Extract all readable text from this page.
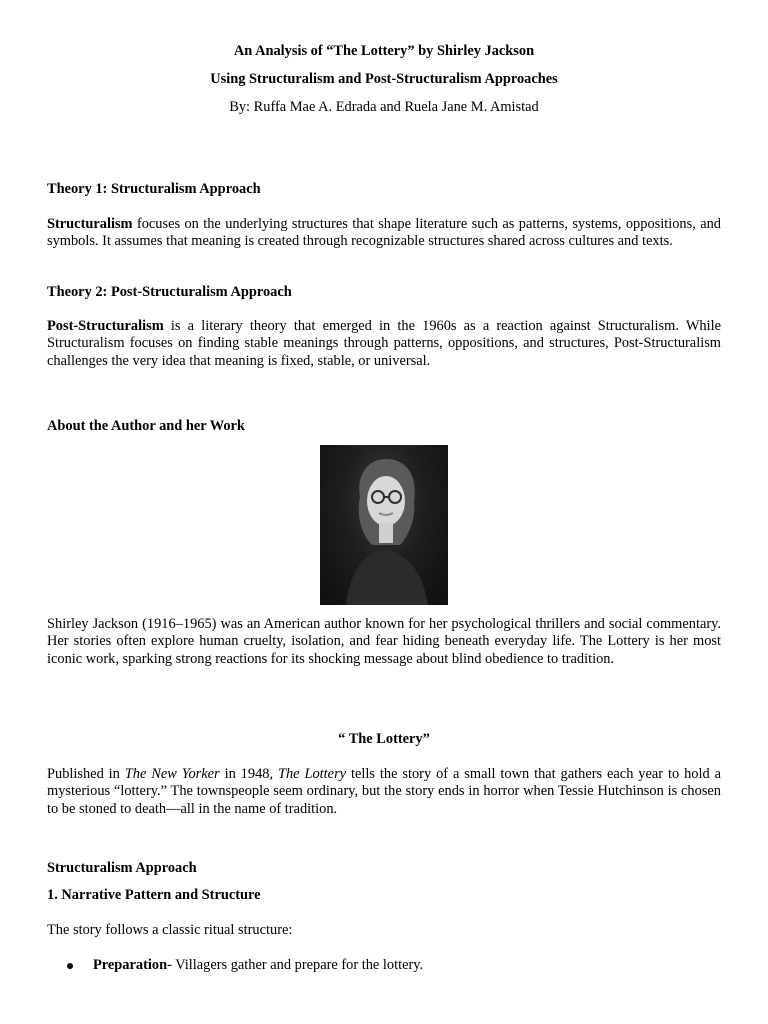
An Analysis of “The Lottery” by Shirley Jackson

Using Structuralism and Post-Structuralism Approaches

By: Ruffa Mae A. Edrada and Ruela Jane M. Amistad

Theory 1: Structuralism Approach

Structuralism focuses on the underlying structures that shape literature such as patterns, systems, oppositions, and symbols. It assumes that meaning is created through recognizable structures shared across cultures and texts.

Theory 2: Post-Structuralism Approach

Post-Structuralism is a literary theory that emerged in the 1960s as a reaction against Structuralism. While Structuralism focuses on finding stable meanings through patterns, oppositions, and structures, Post-Structuralism challenges the very idea that meaning is fixed, stable, or universal.

About the Author and her Work

Shirley Jackson (1916–1965) was an American author known for her psychological thrillers and social commentary. Her stories often explore human cruelty, isolation, and fear hiding beneath everyday life. The Lottery is her most iconic work, sparking strong reactions for its shocking message about blind obedience to tradition.

“ The Lottery”

Published in The New Yorker in 1948, The Lottery tells the story of a small town that gathers each year to hold a mysterious “lottery.” The townspeople seem ordinary, but the story ends in horror when Tessie Hutchinson is chosen to be stoned to death—all in the name of tradition.

Structuralism Approach

1. Narrative Pattern and Structure

The story follows a classic ritual structure:

Preparation- Villagers gather and prepare for the lottery.
